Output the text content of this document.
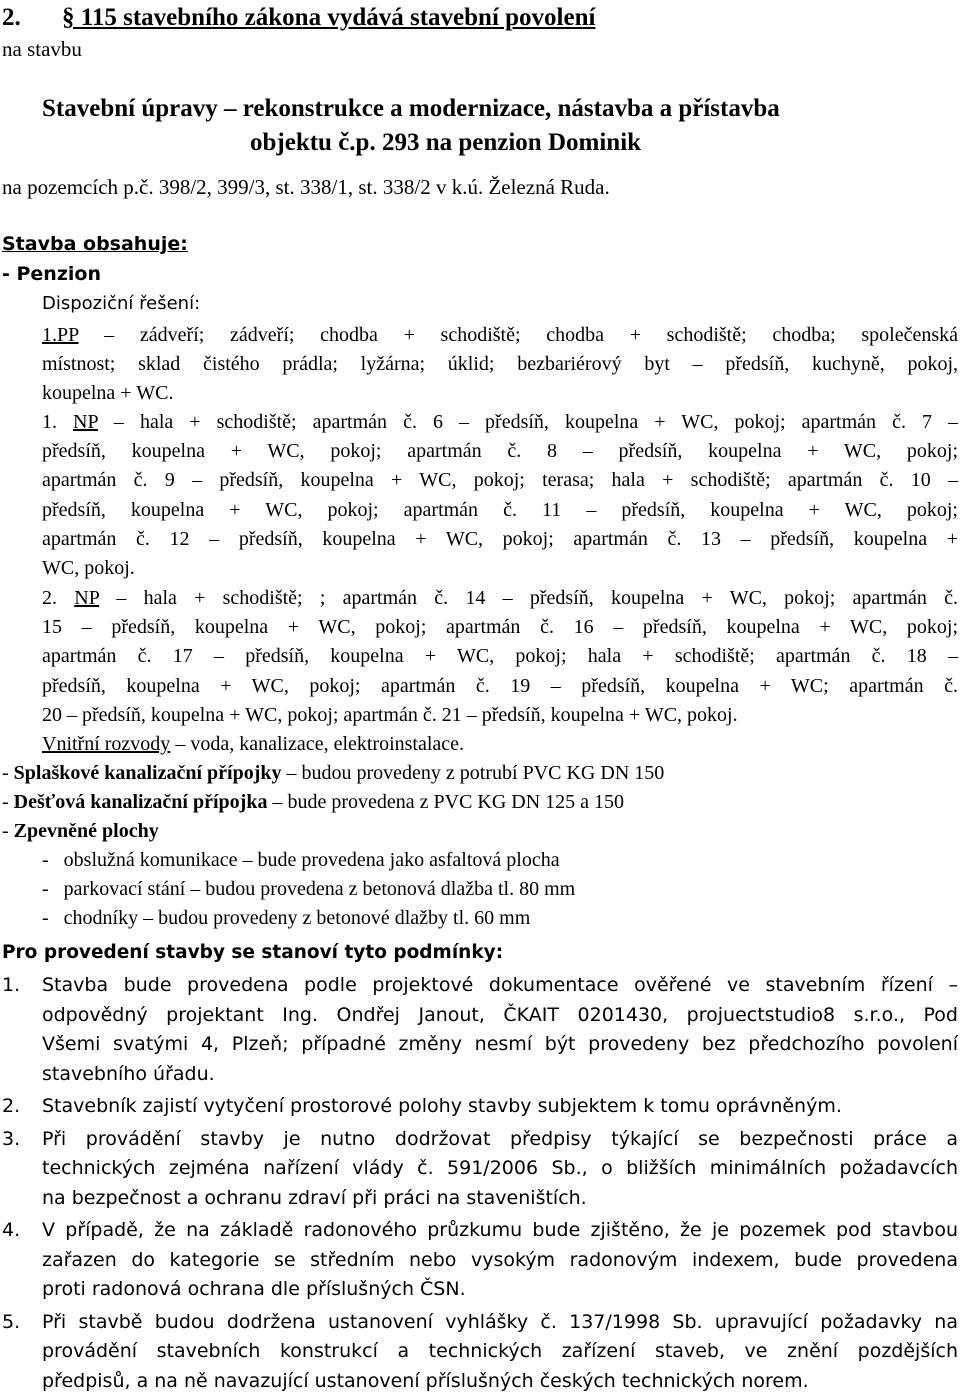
2. § 115 stavebního zákona vydává stavební povolení
na stavbu
Stavební úpravy – rekonstrukce a modernizace, nástavba a přístavba
objektu č.p. 293 na penzion Dominik
na pozemcích p.č. 398/2, 399/3, st. 338/1, st. 338/2 v k.ú. Železná Ruda.
Stavba obsahuje:
- Penzion
Dispoziční řešení:
1.PP – zádveří; zádveří; chodba + schodiště; chodba + schodiště; chodba; společenská
místnost; sklad čistého prádla; lyžárna; úklid; bezbariérový byt – předsíň, kuchyně, pokoj,
koupelna + WC.
1. NP – hala + schodiště; apartmán č. 6 – předsíň, koupelna + WC, pokoj; apartmán č. 7 –
předsíň, koupelna + WC, pokoj; apartmán č. 8 – předsíň, koupelna + WC, pokoj;
apartmán č. 9 – předsíň, koupelna + WC, pokoj; terasa; hala + schodiště; apartmán č. 10 –
předsíň, koupelna + WC, pokoj; apartmán č. 11 – předsíň, koupelna + WC, pokoj;
apartmán č. 12 – předsíň, koupelna + WC, pokoj; apartmán č. 13 – předsíň, koupelna +
WC, pokoj.
2. NP – hala + schodiště; ; apartmán č. 14 – předsíň, koupelna + WC, pokoj; apartmán č.
15 – předsíň, koupelna + WC, pokoj; apartmán č. 16 – předsíň, koupelna + WC, pokoj;
apartmán č. 17 – předsíň, koupelna + WC, pokoj; hala + schodiště; apartmán č. 18 –
předsíň, koupelna + WC, pokoj; apartmán č. 19 – předsíň, koupelna + WC; apartmán č.
20 – předsíň, koupelna + WC, pokoj; apartmán č. 21 – předsíň, koupelna + WC, pokoj.
Vnitřní rozvody – voda, kanalizace, elektroinstalace.
- Splaškové kanalizační přípojky – budou provedeny z potrubí PVC KG DN 150
- Dešťová kanalizační přípojka – bude provedena z PVC KG DN 125 a 150
- Zpevněné plochy
-   obslužná komunikace – bude provedena jako asfaltová plocha
-   parkovací stání – budou provedena z betonová dlažba tl. 80 mm
-   chodníky – budou provedeny z betonové dlažby tl. 60 mm
Pro provedení stavby se stanoví tyto podmínky:
1. Stavba bude provedena podle projektové dokumentace ověřené ve stavebním řízení –
odpovědný projektant Ing. Ondřej Janout, ČKAIT 0201430, projuectstudio8 s.r.o., Pod
Všemi svatými 4, Plzeň; případné změny nesmí být provedeny bez předchozího povolení
stavebního úřadu.
2. Stavebník zajistí vytyčení prostorové polohy stavby subjektem k tomu oprávněným.
3. Při provádění stavby je nutno dodržovat předpisy týkající se bezpečnosti práce a
technických zejména nařízení vlády č. 591/2006 Sb., o bližších minimálních požadavcích
na bezpečnost a ochranu zdraví při práci na staveništích.
4. V případě, že na základě radonového průzkumu bude zjištěno, že je pozemek pod stavbou
zařazen do kategorie se středním nebo vysokým radonovým indexem, bude provedena
proti radonová ochrana dle příslušných ČSN.
5. Při stavbě budou dodržena ustanovení vyhlášky č. 137/1998 Sb. upravující požadavky na
provádění stavebních konstrukcí a technických zařízení staveb, ve znění pozdějších
předpisů, a na ně navazující ustanovení příslušných českých technických norem.
